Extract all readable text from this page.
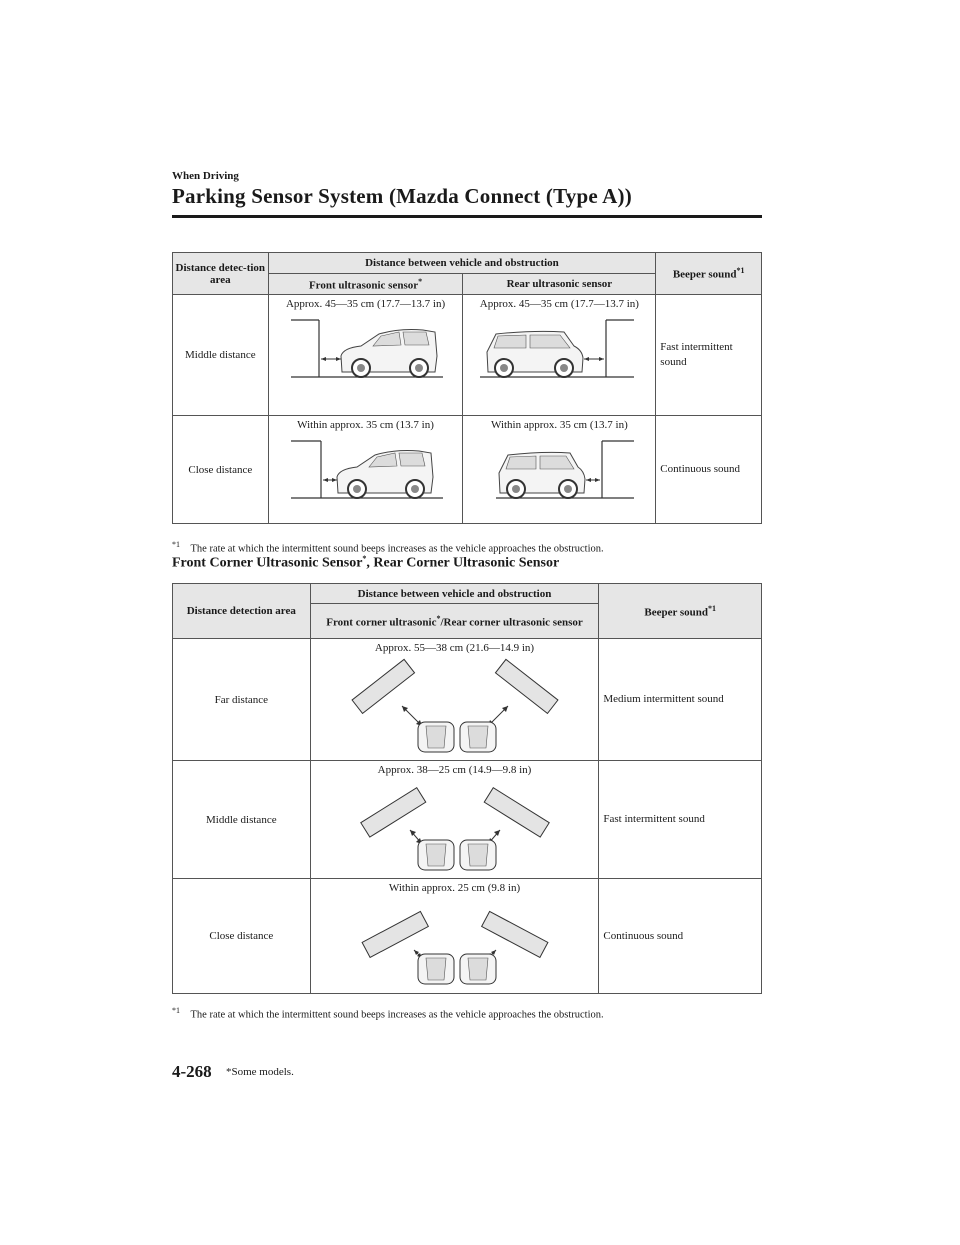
When Driving
Parking Sensor System (Mazda Connect (Type A))
Distance detec-tion area	Distance between vehicle and obstruction		Beeper sound$^{*1}$
	Front ultrasonic sensor*	Rear ultrasonic sensor	
Middle distance	Approx. 45―35 cm (17.7―13.7 in)	Approx. 45―35 cm (17.7―13.7 in)	Fast intermittent sound
Close distance	Within approx. 35 cm (13.7 in)	Within approx. 35 cm (13.7 in)	Continuous sound
$^{*1}$ The rate at which the intermittent sound beeps increases as the vehicle approaches the obstruction.
Front Corner Ultrasonic Sensor*, Rear Corner Ultrasonic Sensor
Distance detection area	Distance between vehicle and obstruction	Beeper sound$^{*1}$
	Front corner ultrasonic*/Rear corner ultrasonic sensor	
Far distance	Approx. 55―38 cm (21.6―14.9 in)	Medium intermittent sound
Middle distance	Approx. 38―25 cm (14.9―9.8 in)	Fast intermittent sound
Close distance	Within approx. 25 cm (9.8 in)	Continuous sound
$^{*1}$ The rate at which the intermittent sound beeps increases as the vehicle approaches the obstruction.
4-268 *Some models.
